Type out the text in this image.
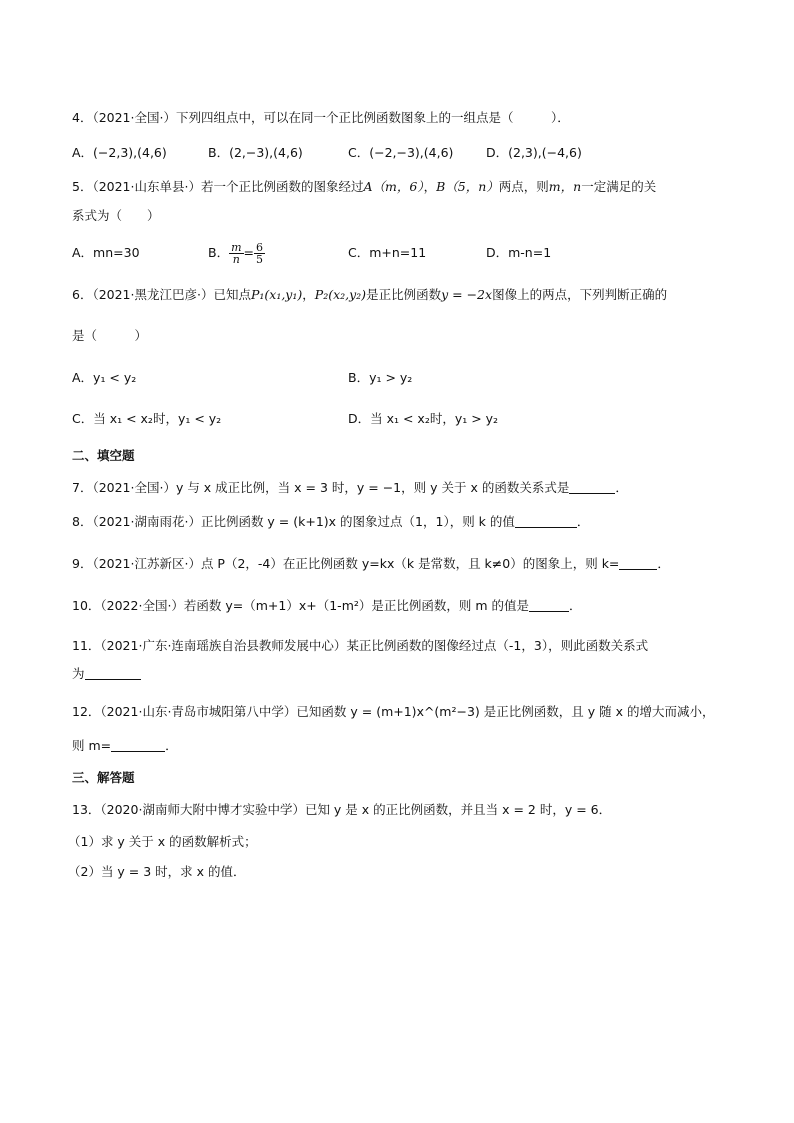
4．（2021·全国·）下列四组点中，可以在同一个正比例函数图象上的一组点是（　　　）．
A．(−2,3),(4,6)	B．(2,−3),(4,6)	C．(−2,−3),(4,6)	D．(2,3),(−4,6)
5．（2021·山东单县·）若一个正比例函数的图象经过A（m，6），B（5，n）两点，则m，n一定满足的关
系式为（　　）
A．mn=30	B． $\frac{m}{n} = \frac{6}{5}$	C．m+n=11	D．m-n=1
6．（2021·黑龙江巴彦·）已知点P₁(x₁,y₁)，P₂(x₂,y₂)是正比例函数y = −2x图像上的两点，下列判断正确的
是（　　　）
A．y₁ < y₂	B．y₁ > y₂
C．当 x₁ < x₂时，y₁ < y₂	D．当 x₁ < x₂时，y₁ > y₂
二、填空题
7．（2021·全国·）y 与 x 成正比例，当 x = 3 时，y = −1，则 y 关于 x 的函数关系式是	．
8．（2021·湖南雨花·）正比例函数 y = (k+1)x 的图象过点（1，1），则 k 的值	．
9．（2021·江苏新区·）点 P（2，-4）在正比例函数 y=kx（k 是常数，且 k≠0）的图象上，则 k=	．
10．（2022·全国·）若函数 y=（m+1）x+（1-m²）是正比例函数，则 m 的值是	．
11．（2021·广东·连南瑶族自治县教师发展中心）某正比例函数的图像经过点（-1，3），则此函数关系式
为
12．（2021·山东·青岛市城阳第八中学）已知函数 y = (m+1)x^(m²−3) 是正比例函数，且 y 随 x 的增大而减小，
则 m=	．
三、解答题
13．（2020·湖南师大附中博才实验中学）已知 y 是 x 的正比例函数，并且当 x = 2 时，y = 6．
（1）求 y 关于 x 的函数解析式；
（2）当 y = 3 时，求 x 的值．
